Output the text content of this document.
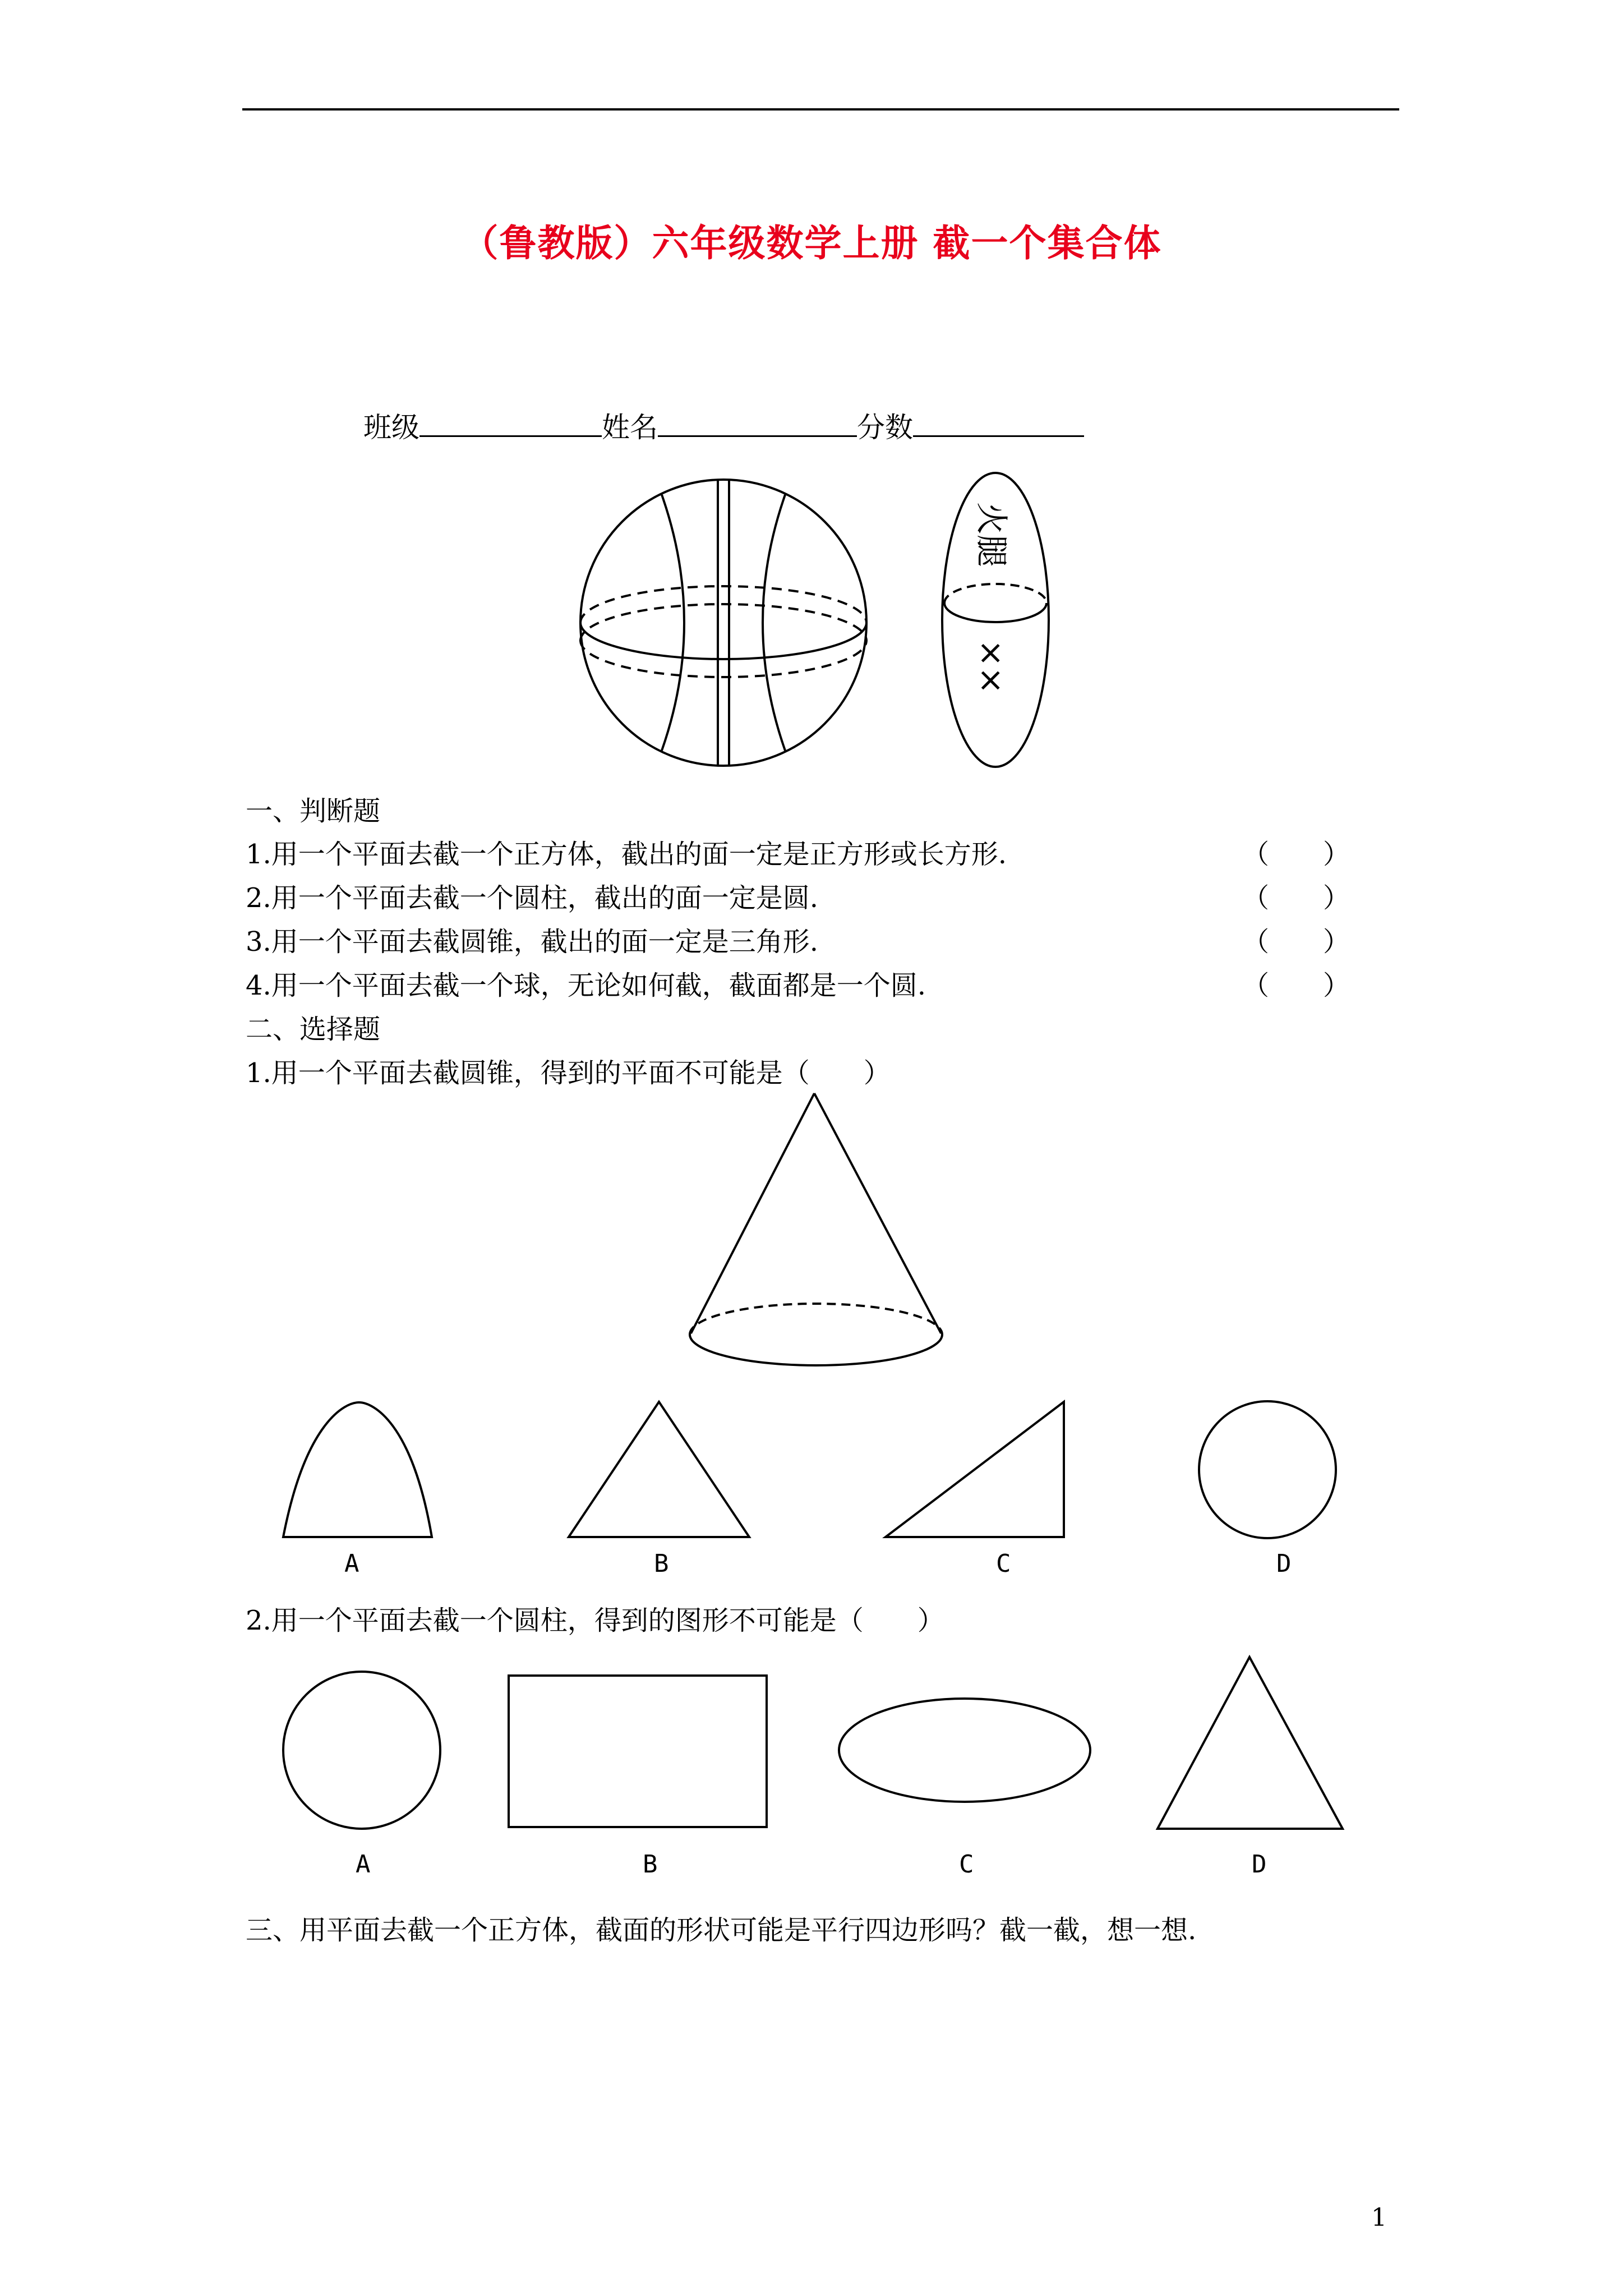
（鲁教版）六年级数学上册 截一个集合体
班级	姓名	分数
火腿
××
一、判断题
1.用一个平面去截一个正方体，截出的面一定是正方形或长方形.	（　　）
2.用一个平面去截一个圆柱，截出的面一定是圆.	（　　）
3.用一个平面去截圆锥，截出的面一定是三角形.	（　　）
4.用一个平面去截一个球，无论如何截，截面都是一个圆.	（　　）
二、选择题
1.用一个平面去截圆锥，得到的平面不可能是（　　）
A	B	C	D
2.用一个平面去截一个圆柱，得到的图形不可能是（　　）
A	B	C	D
三、用平面去截一个正方体，截面的形状可能是平行四边形吗？截一截，想一想.
1
